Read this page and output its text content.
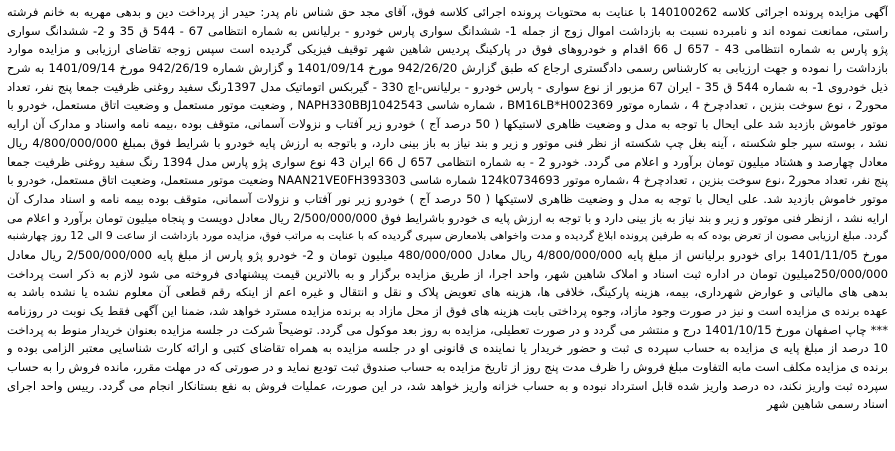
آگهی مزایده پرونده اجرائی کلاسه 140100262 با عنایت به محتویات پرونده اجرائی کلاسه فوق، آقای مجد حق شناس نام پدر: حیدر از پرداخت دین و بدهی مهریه به خانم فرشته
راستی، ممانعت نموده اند و نامبرده نسبت به بازداشت اموال زوج از جمله 1- ششدانگ سواری پارس خودرو - برلیانس به شماره انتظامی 67 - 544 ق 35 و 2- ششدانگ سواری
پژو پارس به شماره انتظامی 43 - 657 ل 66 اقدام و خودروهای فوق در پارکینگ پردیس شاهین شهر توقیف فیزیکی گردیده است سپس زوجه تقاضای ارزیابی و مزایده موارد
بازداشت را نموده و جهت ارزیابی به کارشناس رسمی دادگستری ارجاع که طبق گزارش 942/26/20 مورخ 1401/09/14 و گزارش شماره 942/26/19 مورخ 1401/09/14 به شرح
ذیل خودروی 1- به شماره 544 ق 35 - ایران 67 مزبور از نوع سواری - پارس خودرو - برلیانس-اچ 330 - گیربکس اتوماتیک مدل 1397رنگ سفید روغنی ظرفیت جمعا پنج نفر، تعداد
محور2 ، نوع سوخت بنزین ، تعدادچرخ 4 ، شماره موتور BM16LB*H002369 ، شماره شاسی NAPH330BBJ1042543 , وضعیت موتور مستعمل و وضعیت اتاق مستعمل، خودرو با
موتور خاموش بازدید شد علی ایحال با توجه به مدل و وضعیت ظاهری لاستیکها ( 50 درصد آج ) خودرو زیر آفتاب و نزولات آسمانی، متوقف بوده ،بیمه نامه واسناد و مدارک آن ارایه
نشد ، بوسته سپر جلو شکسته ، آینه بغل چپ شکسته از نظر فنی موتور و زیر و بند نیاز به باز بینی دارد، و باتوجه به ارزش پایه خودرو با شرایط فوق بمبلغ 4/800/000/000 ریال
معادل چهارصد و هشتاد میلیون تومان برآورد و اعلام می گردد. خودرو 2 - به شماره انتظامی 657 ل 66 ایران 43 نوع سواری پژو پارس مدل 1394 رنگ سفید روغنی ظرفیت جمعا
پنج نفر، تعداد محور2 ،نوع سوخت بنزین ، تعدادچرخ 4 ،شماره موتور 124k0734693 شماره شاسی NAAN21VE0FH393303 وضعیت موتور مستعمل، وضعیت اتاق مستعمل، خودرو با
موتور خاموش بازدید شد. علی ایحال با توجه به مدل و وضعیت ظاهری لاستیکها ( 50 درصد آج ) خودرو زیر نور آفتاب و نزولات آسمانی، متوقف بوده بیمه نامه و اسناد مدارک آن
ارایه نشد ، ازنظر فنی موتور و زیر و بند نیاز به باز بینی دارد و با توجه به ارزش پایه ی خودرو باشرایط فوق 2/500/000/000 ریال معادل دویست و پنجاه میلیون تومان برآورد و اعلام می
گردد. مبلغ ارزیابی مصون از تعرض بوده که به طرفین پرونده ابلاغ گردیده و مدت واخواهی بلامعارض سپری گردیده که با عنایت به مراتب فوق، مزایده مورد بازداشت از ساعت 9 الی 12 روز چهارشنبه
مورخ 1401/11/05 برای خودرو برلیانس از مبلغ پایه 4/800/000/000 ریال معادل 480/000/000 میلیون تومان و 2- خودرو پژو پارس از مبلغ پایه 2/500/000/000 ریال معادل
250/000/000میلیون تومان در اداره ثبت اسناد و املاک شاهین شهر، واحد اجرا، از طریق مزایده برگزار و به بالاترین قیمت پیشنهادی فروخته می شود لازم به ذکر است پرداخت
بدهی های مالیاتی و عوارض شهرداری، بیمه، هزینه پارکینگ، خلافی ها، هزینه های تعویض پلاک و نقل و انتقال و غیره اعم از اینکه رقم قطعی آن معلوم نشده یا نشده باشد به
عهده برنده ی مزایده است و نیز در صورت وجود مازاد، وجوه پرداختی بابت هزینه های فوق از محل مازاد به برنده مزایده مسترد خواهد شد، ضمنا این آگهی فقط یک نوبت در روزنامه
*** چاپ اصفهان مورخ 1401/10/15 درج و منتشر می گردد و در صورت تعطیلی، مزایده به روز بعد موکول می گردد. توضیحاً شرکت در جلسه مزایده بعنوان خریدار منوط به پرداخت
10 درصد از مبلغ پایه ی مزایده به حساب سپرده ی ثبت و حضور خریدار یا نماینده ی قانونی او در جلسه مزایده به همراه تقاضای کتبی و ارائه کارت شناسایی معتبر الزامی بوده و
برنده ی مزایده مکلف است مابه التفاوت مبلغ فروش را ظرف مدت پنج روز از تاریخ مزایده به حساب صندوق ثبت تودیع نماید و در صورتی که در مهلت مقرر، مانده فروش را به حساب
سپرده ثبت واریز نکند، ده درصد واریز شده قابل استرداد نبوده و به حساب خزانه واریز خواهد شد، در این صورت، عملیات فروش به نفع بستانکار انجام می گردد. رییس واحد اجرای
اسناد رسمی شاهین شهر
